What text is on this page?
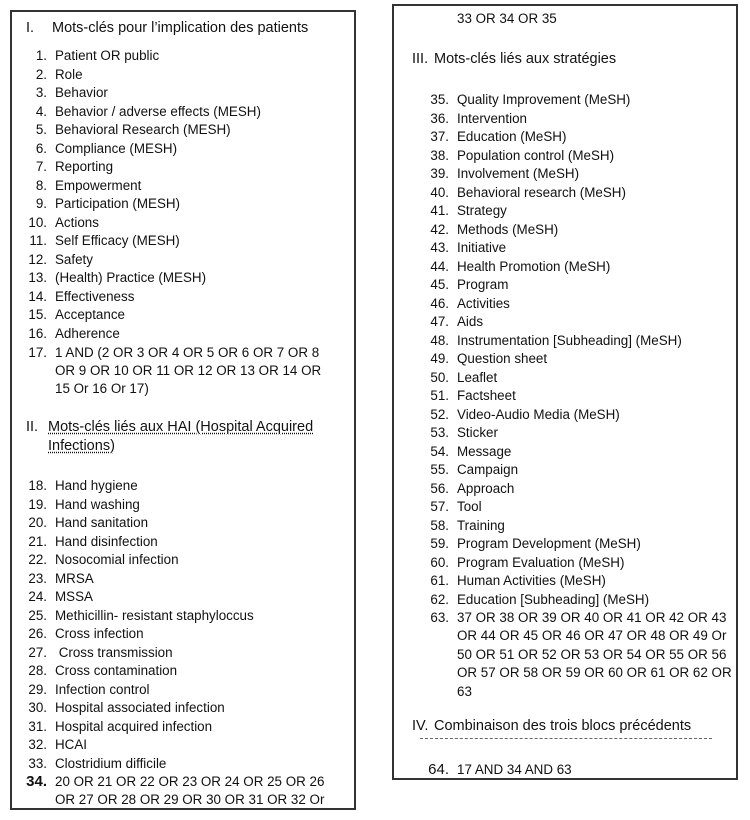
I. Mots-clés pour l’implication des patients
1. Patient OR public
2. Role
3. Behavior
4. Behavior / adverse effects (MESH)
5. Behavioral Research (MESH)
6. Compliance (MESH)
7. Reporting
8. Empowerment
9. Participation (MESH)
10. Actions
11. Self Efficacy (MESH)
12. Safety
13. (Health) Practice (MESH)
14. Effectiveness
15. Acceptance
16. Adherence
17. 1 AND (2 OR 3 OR 4 OR 5 OR 6 OR 7 OR 8
OR 9 OR 10 OR 11 OR 12 OR 13 OR 14 OR
15 Or 16 Or 17)
II. Mots-clés liés aux HAI (Hospital Acquired
Infections)
18. Hand hygiene
19. Hand washing
20. Hand sanitation
21. Hand disinfection
22. Nosocomial infection
23. MRSA
24. MSSA
25. Methicillin- resistant staphyloccus
26. Cross infection
27. Cross transmission
28. Cross contamination
29. Infection control
30. Hospital associated infection
31. Hospital acquired infection
32. HCAI
33. Clostridium difficile
34. 20 OR 21 OR 22 OR 23 OR 24 OR 25 OR 26
OR 27 OR 28 OR 29 OR 30 OR 31 OR 32 Or
33 OR 34 OR 35
III. Mots-clés liés aux stratégies
35. Quality Improvement (MeSH)
36. Intervention
37. Education (MeSH)
38. Population control (MeSH)
39. Involvement (MeSH)
40. Behavioral research (MeSH)
41. Strategy
42. Methods (MeSH)
43. Initiative
44. Health Promotion (MeSH)
45. Program
46. Activities
47. Aids
48. Instrumentation [Subheading] (MeSH)
49. Question sheet
50. Leaflet
51. Factsheet
52. Video-Audio Media (MeSH)
53. Sticker
54. Message
55. Campaign
56. Approach
57. Tool
58. Training
59. Program Development (MeSH)
60. Program Evaluation (MeSH)
61. Human Activities (MeSH)
62. Education [Subheading] (MeSH)
63. 37 OR 38 OR 39 OR 40 OR 41 OR 42 OR 43
OR 44 OR 45 OR 46 OR 47 OR 48 OR 49 Or
50 OR 51 OR 52 OR 53 OR 54 OR 55 OR 56
OR 57 OR 58 OR 59 OR 60 OR 61 OR 62 OR
63
IV. Combinaison des trois blocs précédents
64. 17 AND 34 AND 63
